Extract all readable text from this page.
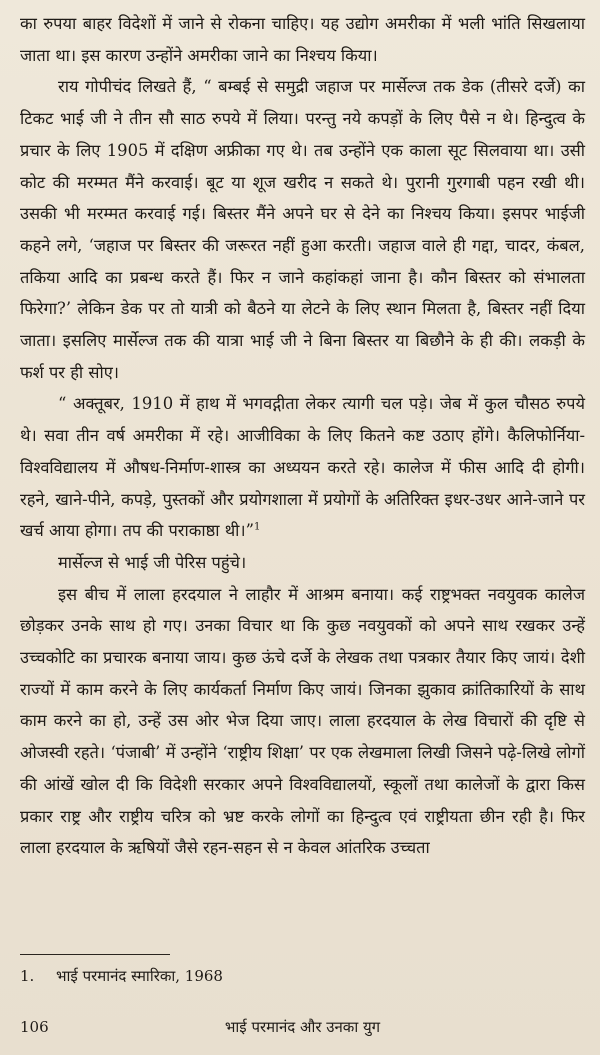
का रुपया बाहर विदेशों में जाने से रोकना चाहिए। यह उद्योग अमरीका में भली भांति सिखलाया जाता था। इस कारण उन्होंने अमरीका जाने का निश्चय किया।

राय गोपीचंद लिखते हैं, “ बम्बई से समुद्री जहाज पर मार्सेल्ज तक डेक (तीसरे दर्जे) का टिकट भाई जी ने तीन सौ साठ रुपये में लिया। परन्तु नये कपड़ों के लिए पैसे न थे। हिन्दुत्व के प्रचार के लिए 1905 में दक्षिण अफ्रीका गए थे। तब उन्होंने एक काला सूट सिलवाया था। उसी कोट की मरम्मत मैंने करवाई। बूट या शूज खरीद न सकते थे। पुरानी गुरगाबी पहन रखी थी। उसकी भी मरम्मत करवाई गई। बिस्तर मैंने अपने घर से देने का निश्चय किया। इसपर भाईजी कहने लगे, ‘जहाज पर बिस्तर की जरूरत नहीं हुआ करती। जहाज वाले ही गद्दा, चादर, कंबल, तकिया आदि का प्रबन्ध करते हैं। फिर न जाने कहांकहां जाना है। कौन बिस्तर को संभालता फिरेगा?’ लेकिन डेक पर तो यात्री को बैठने या लेटने के लिए स्थान मिलता है, बिस्तर नहीं दिया जाता। इसलिए मार्सेल्ज तक की यात्रा भाई जी ने बिना बिस्तर या बिछौने के ही की। लकड़ी के फर्श पर ही सोए।

“ अक्तूबर, 1910 में हाथ में भगवद्गीता लेकर त्यागी चल पड़े। जेब में कुल चौसठ रुपये थे। सवा तीन वर्ष अमरीका में रहे। आजीविका के लिए कितने कष्ट उठाए होंगे। कैलिफोर्निया-विश्वविद्यालय में औषध-निर्माण-शास्त्र का अध्ययन करते रहे। कालेज में फीस आदि दी होगी। रहने, खाने-पीने, कपड़े, पुस्तकों और प्रयोगशाला में प्रयोगों के अतिरिक्त इधर-उधर आने-जाने पर खर्च आया होगा। तप की पराकाष्ठा थी।”$^1$

मार्सेल्ज से भाई जी पेरिस पहुंचे।

इस बीच में लाला हरदयाल ने लाहौर में आश्रम बनाया। कई राष्ट्रभक्त नवयुवक कालेज छोड़कर उनके साथ हो गए। उनका विचार था कि कुछ नवयुवकों को अपने साथ रखकर उन्हें उच्चकोटि का प्रचारक बनाया जाय। कुछ ऊंचे दर्जे के लेखक तथा पत्रकार तैयार किए जायं। देशी राज्यों में काम करने के लिए कार्यकर्ता निर्माण किए जायं। जिनका झुकाव क्रांतिकारियों के साथ काम करने का हो, उन्हें उस ओर भेज दिया जाए। लाला हरदयाल के लेख विचारों की दृष्टि से ओजस्वी रहते। ‘पंजाबी’ में उन्होंने ‘राष्ट्रीय शिक्षा’ पर एक लेखमाला लिखी जिसने पढ़े-लिखे लोगों की आंखें खोल दी कि विदेशी सरकार अपने विश्वविद्यालयों, स्कूलों तथा कालेजों के द्वारा किस प्रकार राष्ट्र और राष्ट्रीय चरित्र को भ्रष्ट करके लोगों का हिन्दुत्व एवं राष्ट्रीयता छीन रही है। फिर लाला हरदयाल के ऋषियों जैसे रहन-सहन से न केवल आंतरिक उच्चता

1. भाई परमानंद स्मारिका, 1968
106	भाई परमानंद और उनका युग
